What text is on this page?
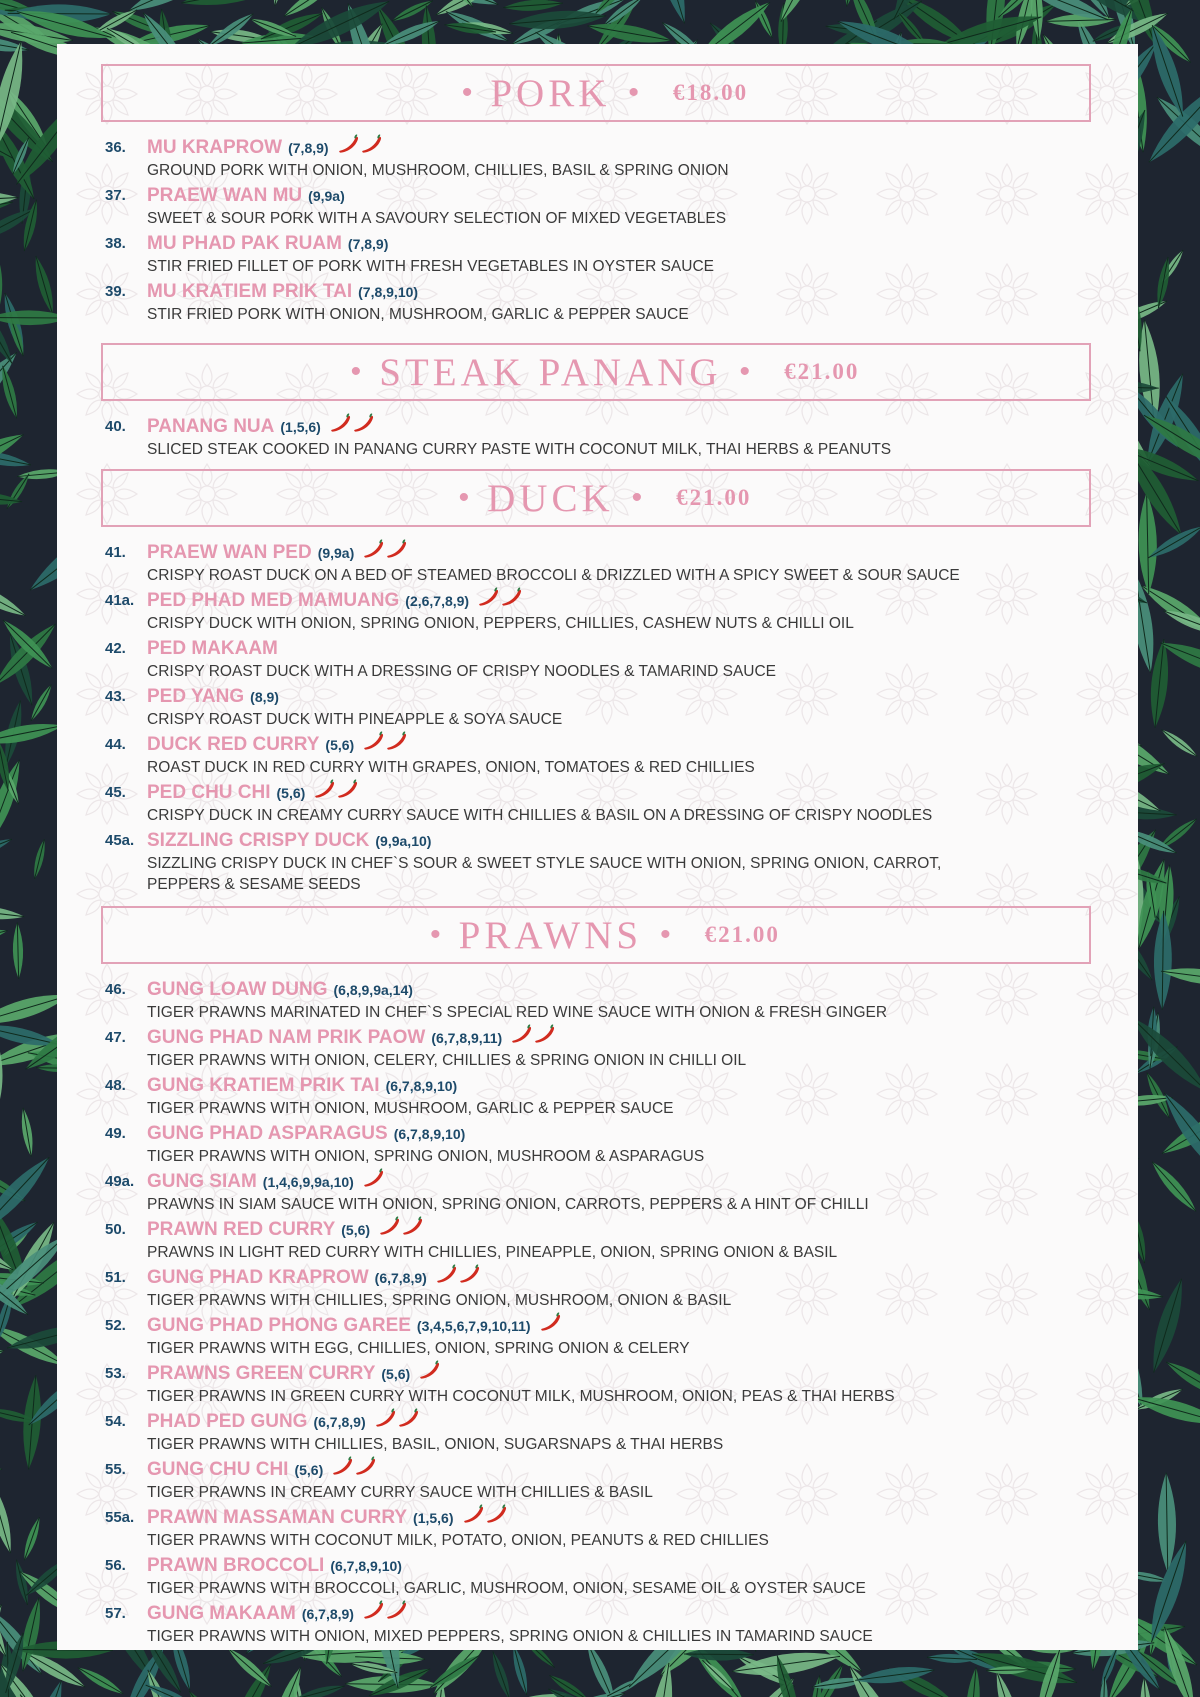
• PORK • €18.00
36.	MU KRAPROW (7,8,9)
GROUND PORK WITH ONION, MUSHROOM, CHILLIES, BASIL & SPRING ONION
37.	PRAEW WAN MU (9,9a)
SWEET & SOUR PORK WITH A SAVOURY SELECTION OF MIXED VEGETABLES
38.	MU PHAD PAK RUAM (7,8,9)
STIR FRIED FILLET OF PORK WITH FRESH VEGETABLES IN OYSTER SAUCE
39.	MU KRATIEM PRIK TAI (7,8,9,10)
STIR FRIED PORK WITH ONION, MUSHROOM, GARLIC & PEPPER SAUCE
• STEAK PANANG • €21.00
40.	PANANG NUA (1,5,6)
SLICED STEAK COOKED IN PANANG CURRY PASTE WITH COCONUT MILK, THAI HERBS & PEANUTS
• DUCK • €21.00
41.	PRAEW WAN PED (9,9a)
CRISPY ROAST DUCK ON A BED OF STEAMED BROCCOLI & DRIZZLED WITH A SPICY SWEET & SOUR SAUCE
41a. PED PHAD MED MAMUANG (2,6,7,8,9)
CRISPY DUCK WITH ONION, SPRING ONION, PEPPERS, CHILLIES, CASHEW NUTS & CHILLI OIL
42.	PED MAKAAM
CRISPY ROAST DUCK WITH A DRESSING OF CRISPY NOODLES & TAMARIND SAUCE
43.	PED YANG (8,9)
CRISPY ROAST DUCK WITH PINEAPPLE & SOYA SAUCE
44.	DUCK RED CURRY (5,6)
ROAST DUCK IN RED CURRY WITH GRAPES, ONION, TOMATOES & RED CHILLIES
45.	PED CHU CHI (5,6)
CRISPY DUCK IN CREAMY CURRY SAUCE WITH CHILLIES & BASIL ON A DRESSING OF CRISPY NOODLES
45a. SIZZLING CRISPY DUCK (9,9a,10)
SIZZLING CRISPY DUCK IN CHEF`S SOUR & SWEET STYLE SAUCE WITH ONION, SPRING ONION, CARROT,
PEPPERS & SESAME SEEDS
• PRAWNS • €21.00
46.	GUNG LOAW DUNG (6,8,9,9a,14)
TIGER PRAWNS MARINATED IN CHEF`S SPECIAL RED WINE SAUCE WITH ONION & FRESH GINGER
47.	GUNG PHAD NAM PRIK PAOW (6,7,8,9,11)
TIGER PRAWNS WITH ONION, CELERY, CHILLIES & SPRING ONION IN CHILLI OIL
48.	GUNG KRATIEM PRIK TAI (6,7,8,9,10)
TIGER PRAWNS WITH ONION, MUSHROOM, GARLIC & PEPPER SAUCE
49.	GUNG PHAD ASPARAGUS (6,7,8,9,10)
TIGER PRAWNS WITH ONION, SPRING ONION, MUSHROOM & ASPARAGUS
49a. GUNG SIAM (1,4,6,9,9a,10)
PRAWNS IN SIAM SAUCE WITH ONION, SPRING ONION, CARROTS, PEPPERS & A HINT OF CHILLI
50.	PRAWN RED CURRY (5,6)
PRAWNS IN LIGHT RED CURRY WITH CHILLIES, PINEAPPLE, ONION, SPRING ONION & BASIL
51.	GUNG PHAD KRAPROW (6,7,8,9)
TIGER PRAWNS WITH CHILLIES, SPRING ONION, MUSHROOM, ONION & BASIL
52.	GUNG PHAD PHONG GAREE (3,4,5,6,7,9,10,11)
TIGER PRAWNS WITH EGG, CHILLIES, ONION, SPRING ONION & CELERY
53.	PRAWNS GREEN CURRY (5,6)
TIGER PRAWNS IN GREEN CURRY WITH COCONUT MILK, MUSHROOM, ONION, PEAS & THAI HERBS
54.	PHAD PED GUNG (6,7,8,9)
TIGER PRAWNS WITH CHILLIES, BASIL, ONION, SUGARSNAPS & THAI HERBS
55.	GUNG CHU CHI (5,6)
TIGER PRAWNS IN CREAMY CURRY SAUCE WITH CHILLIES & BASIL
55a. PRAWN MASSAMAN CURRY (1,5,6)
TIGER PRAWNS WITH COCONUT MILK, POTATO, ONION, PEANUTS & RED CHILLIES
56.	PRAWN BROCCOLI (6,7,8,9,10)
TIGER PRAWNS WITH BROCCOLI, GARLIC, MUSHROOM, ONION, SESAME OIL & OYSTER SAUCE
57.	GUNG MAKAAM (6,7,8,9)
TIGER PRAWNS WITH ONION, MIXED PEPPERS, SPRING ONION & CHILLIES IN TAMARIND SAUCE
